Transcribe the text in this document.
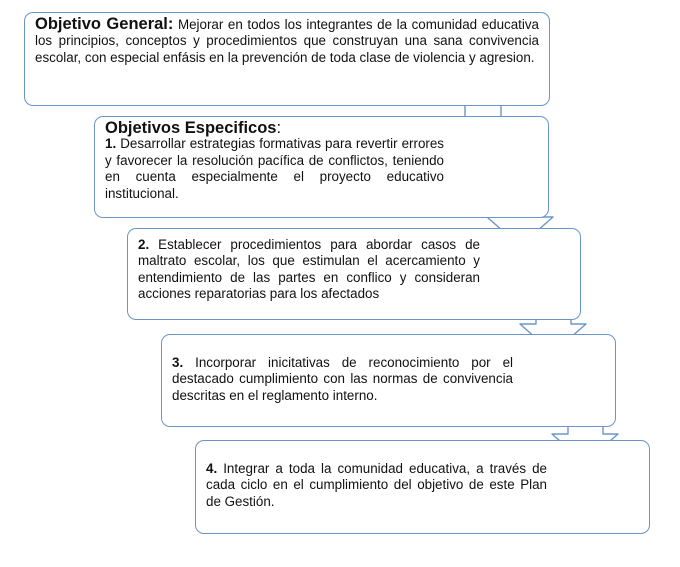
Objetivo General: Mejorar en todos los integrantes de la comunidad educativa los principios, conceptos y procedimientos que construyan una sana convivencia escolar, con especial enfásis en la prevención de toda clase de violencia y agresion.

Objetivos Especificos:

1. Desarrollar estrategias formativas para revertir errores y favorecer la resolución pacífica de conflictos, teniendo en cuenta especialmente el proyecto educativo institucional.

2. Establecer procedimientos para abordar casos de maltrato escolar, los que estimulan el acercamiento y entendimiento de las partes en conflico y consideran acciones reparatorias para los afectados

3. Incorporar inicitativas de reconocimiento por el destacado cumplimiento con las normas de convivencia descritas en el reglamento interno.

4. Integrar a toda la comunidad educativa, a través de cada ciclo en el cumplimiento del objetivo de este Plan de Gestión.
